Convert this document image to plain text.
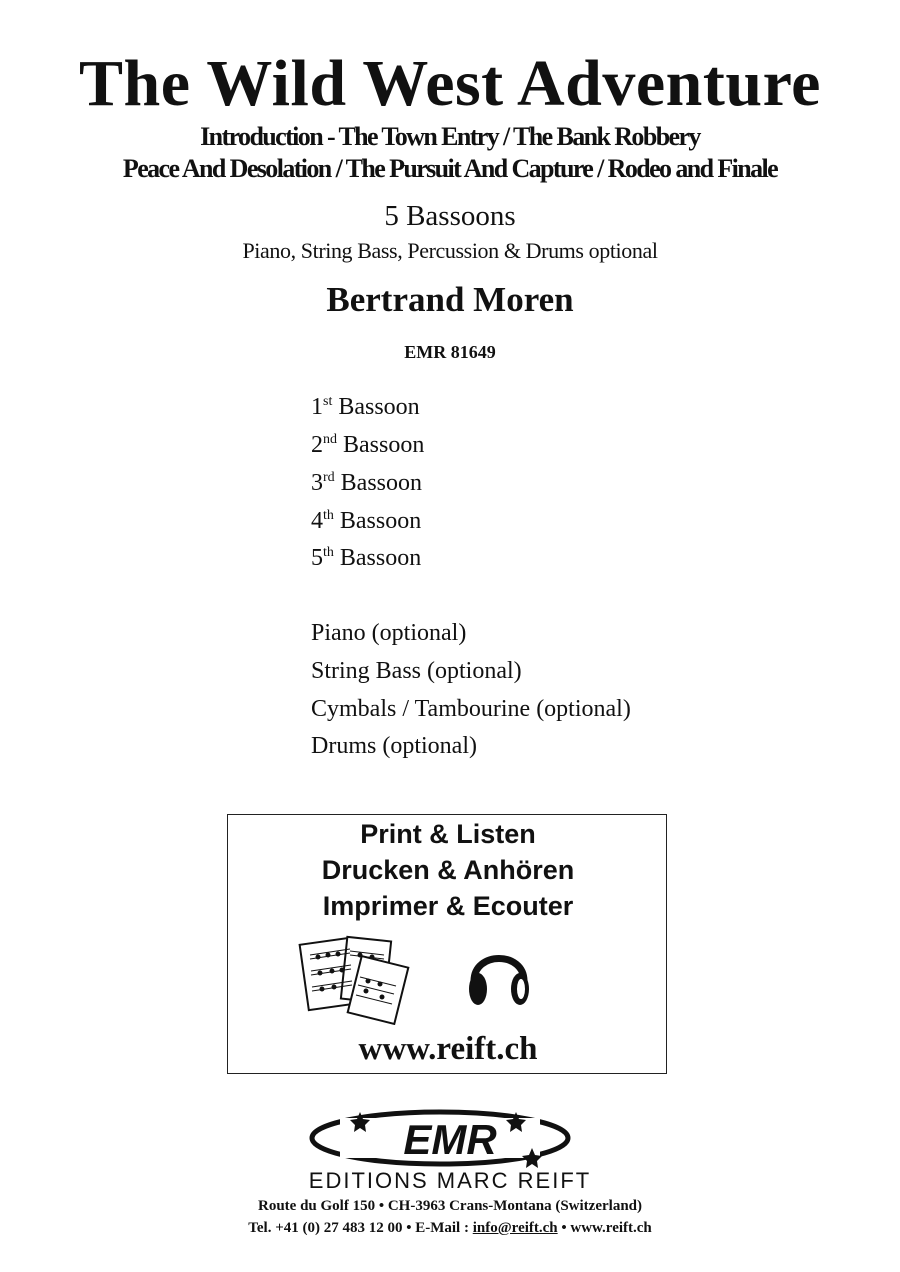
The Wild West Adventure
Introduction - The Town Entry / The Bank Robbery
Peace And Desolation / The Pursuit And Capture / Rodeo and Finale
5 Bassoons
Piano, String Bass, Percussion & Drums optional
Bertrand Moren
EMR 81649
1st Bassoon
2nd Bassoon
3rd Bassoon
4th Bassoon
5th Bassoon
Piano (optional)
String Bass (optional)
Cymbals / Tambourine (optional)
Drums (optional)
Print & Listen
Drucken & Anhören
Imprimer & Ecouter
www.reift.ch
EMR
EDITIONS MARC REIFT
Route du Golf 150 • CH-3963 Crans-Montana (Switzerland)
Tel. +41 (0) 27 483 12 00 • E-Mail : info@reift.ch • www.reift.ch
